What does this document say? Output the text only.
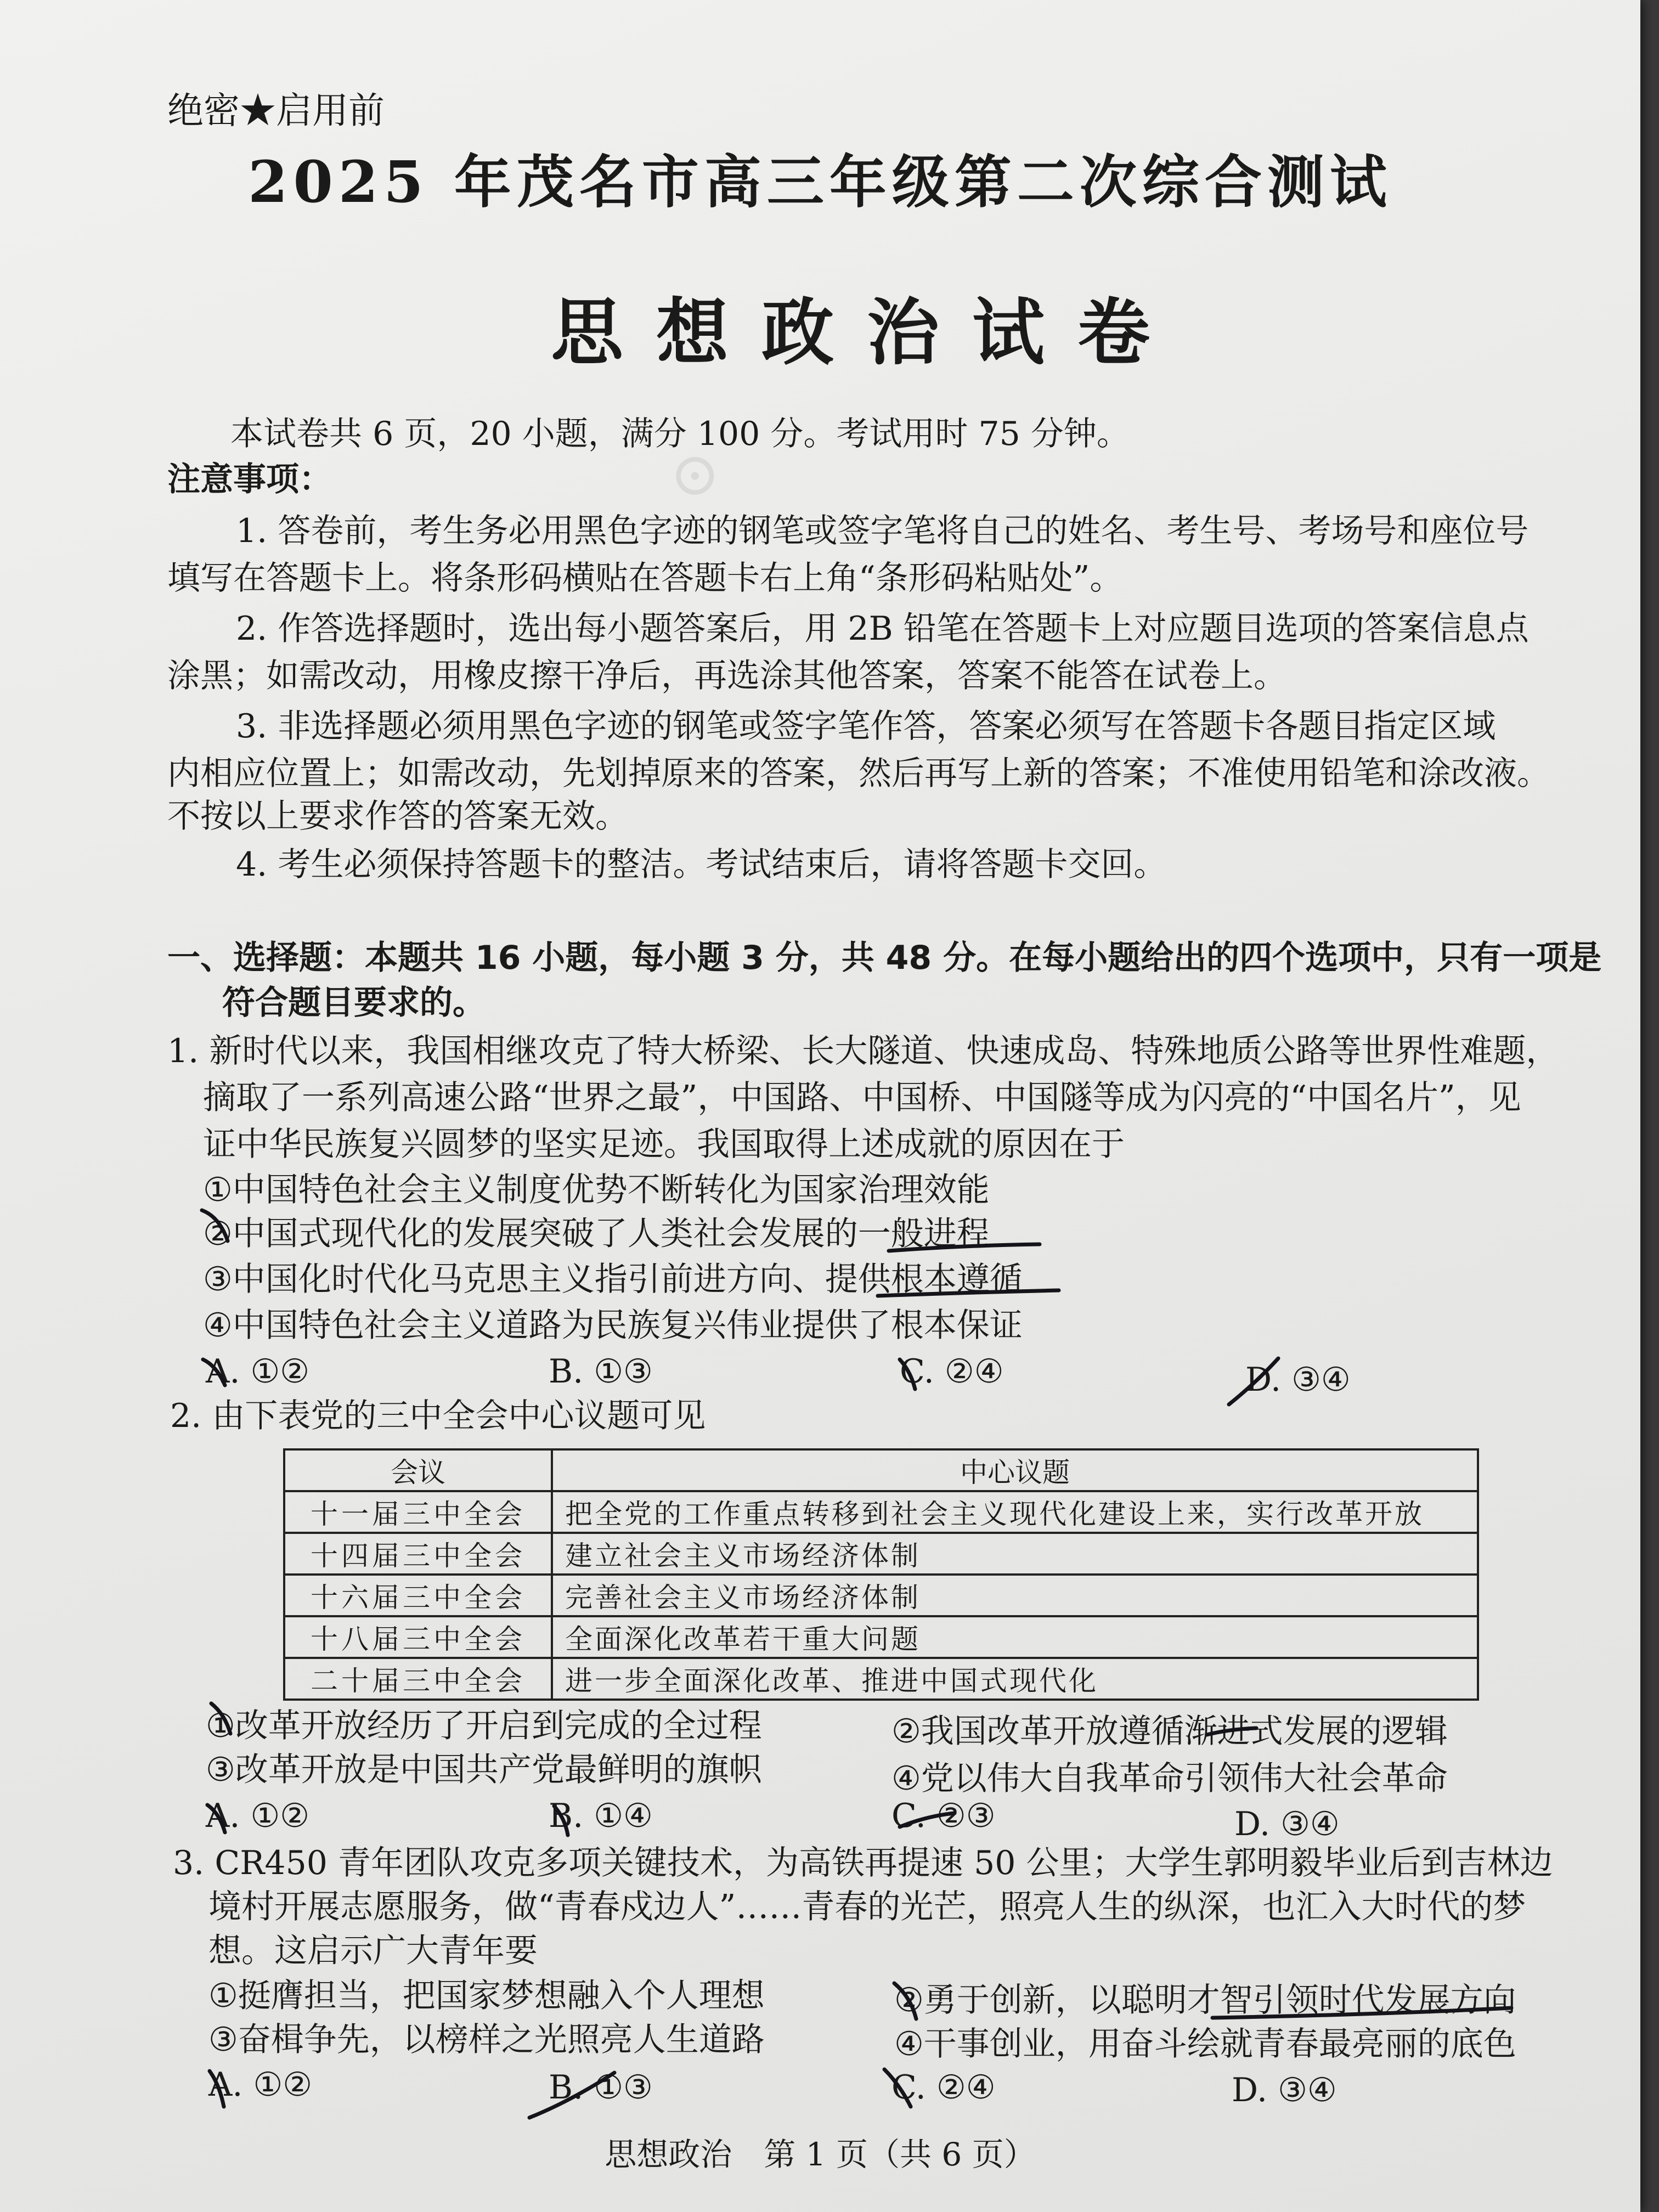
⊙
绝密★启用前
2025 年茂名市高三年级第二次综合测试
思想政治试卷
本试卷共 6 页，20 小题，满分 100 分。考试用时 75 分钟。
注意事项：
1. 答卷前，考生务必用黑色字迹的钢笔或签字笔将自己的姓名、考生号、考场号和座位号
填写在答题卡上。将条形码横贴在答题卡右上角“条形码粘贴处”。
2. 作答选择题时，选出每小题答案后，用 2B 铅笔在答题卡上对应题目选项的答案信息点
涂黑；如需改动，用橡皮擦干净后，再选涂其他答案，答案不能答在试卷上。
3. 非选择题必须用黑色字迹的钢笔或签字笔作答，答案必须写在答题卡各题目指定区域
内相应位置上；如需改动，先划掉原来的答案，然后再写上新的答案；不准使用铅笔和涂改液。
不按以上要求作答的答案无效。
4. 考生必须保持答题卡的整洁。考试结束后，请将答题卡交回。
一、选择题：本题共 16 小题，每小题 3 分，共 48 分。在每小题给出的四个选项中，只有一项是
符合题目要求的。
1. 新时代以来，我国相继攻克了特大桥梁、长大隧道、快速成岛、特殊地质公路等世界性难题，
摘取了一系列高速公路“世界之最”，中国路、中国桥、中国隧等成为闪亮的“中国名片”，见
证中华民族复兴圆梦的坚实足迹。我国取得上述成就的原因在于
①中国特色社会主义制度优势不断转化为国家治理效能
②中国式现代化的发展突破了人类社会发展的一般进程
③中国化时代化马克思主义指引前进方向、提供根本遵循
④中国特色社会主义道路为民族复兴伟业提供了根本保证
A. ①②	B. ①③	C. ②④	D. ③④
2. 由下表党的三中全会中心议题可见
会议	中心议题
十一届三中全会	把全党的工作重点转移到社会主义现代化建设上来，实行改革开放
十四届三中全会	建立社会主义市场经济体制
十六届三中全会	完善社会主义市场经济体制
十八届三中全会	全面深化改革若干重大问题
二十届三中全会	进一步全面深化改革、推进中国式现代化
①改革开放经历了开启到完成的全过程	②我国改革开放遵循渐进式发展的逻辑
③改革开放是中国共产党最鲜明的旗帜	④党以伟大自我革命引领伟大社会革命
A. ①②	B. ①④	C. ②③	D. ③④
3. CR450 青年团队攻克多项关键技术，为高铁再提速 50 公里；大学生郭明毅毕业后到吉林边
境村开展志愿服务，做“青春戍边人”……青春的光芒，照亮人生的纵深，也汇入大时代的梦
想。这启示广大青年要
①挺膺担当，把国家梦想融入个人理想	②勇于创新，以聪明才智引领时代发展方向
③奋楫争先，以榜样之光照亮人生道路	④干事创业，用奋斗绘就青春最亮丽的底色
A. ①②	B. ①③	C. ②④	D. ③④
思想政治　第 1 页（共 6 页）
